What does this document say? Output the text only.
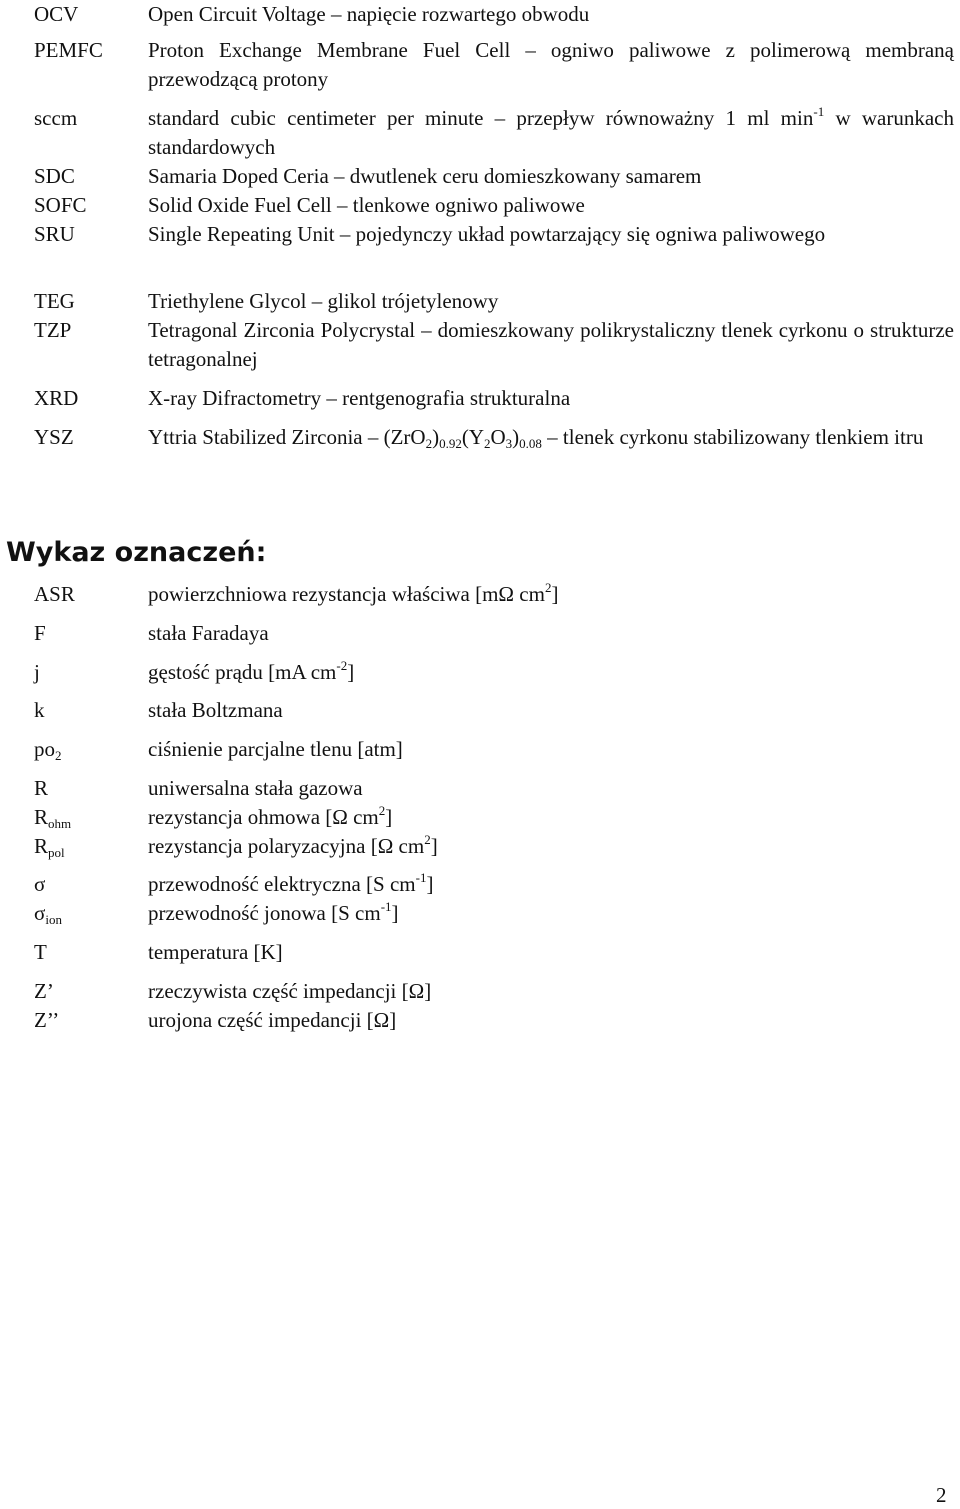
OCV	Open Circuit Voltage – napięcie rozwartego obwodu
PEMFC Proton Exchange Membrane Fuel Cell – ogniwo paliwowe z polimerową membraną przewodzącą protony
sccm	standard cubic centimeter per minute – przepływ równoważny 1 ml $\min^{-1} w$ warunkach standardowych
SDC	Samaria Doped Ceria – dwutlenek ceru domieszkowany samarem
SOFC	Solid Oxide Fuel Cell – tlenkowe ogniwo paliwowe
SRU	Single Repeating Unit – pojedynczy układ powtarzający się ogniwa paliwowego
TEG	Triethylene Glycol – glikol trójetylenowy
TZP	Tetragonal Zirconia Polycrystal – domieszkowany polikrystaliczny tlenek cyrkonu o strukturze tetragonalnej
XRD	X-ray Difractometry – rentgenografia strukturalna
YSZ	Yttria Stabilized Zirconia – $(ZrO_2)_{0.92}(Y_2O_3)_{0.08}$ – tlenek cyrkonu stabilizowany tlenkiem itru
Wykaz oznaczeń:
ASR	powierzchniowa rezystancja właściwa [mΩ $cm^2$]
F	stała Faradaya
j	gęstość prądu [mA $cm^{-2}$]
k	stała Boltzmana
$po_2$	ciśnienie parcjalne tlenu [atm]
R	uniwersalna stała gazowa
$R_{ohm}$	rezystancja ohmowa [Ω $cm^2$]
$R_{pol}$	rezystancja polaryzacyjna [Ω $cm^2$]
σ	przewodność elektryczna [S $cm^{-1}$]
$\sigma_{ion}$	przewodność jonowa [S $cm^{-1}$]
T	temperatura [K]
Z’	rzeczywista część impedancji [Ω]
Z’’	urojona część impedancji [Ω]
2
